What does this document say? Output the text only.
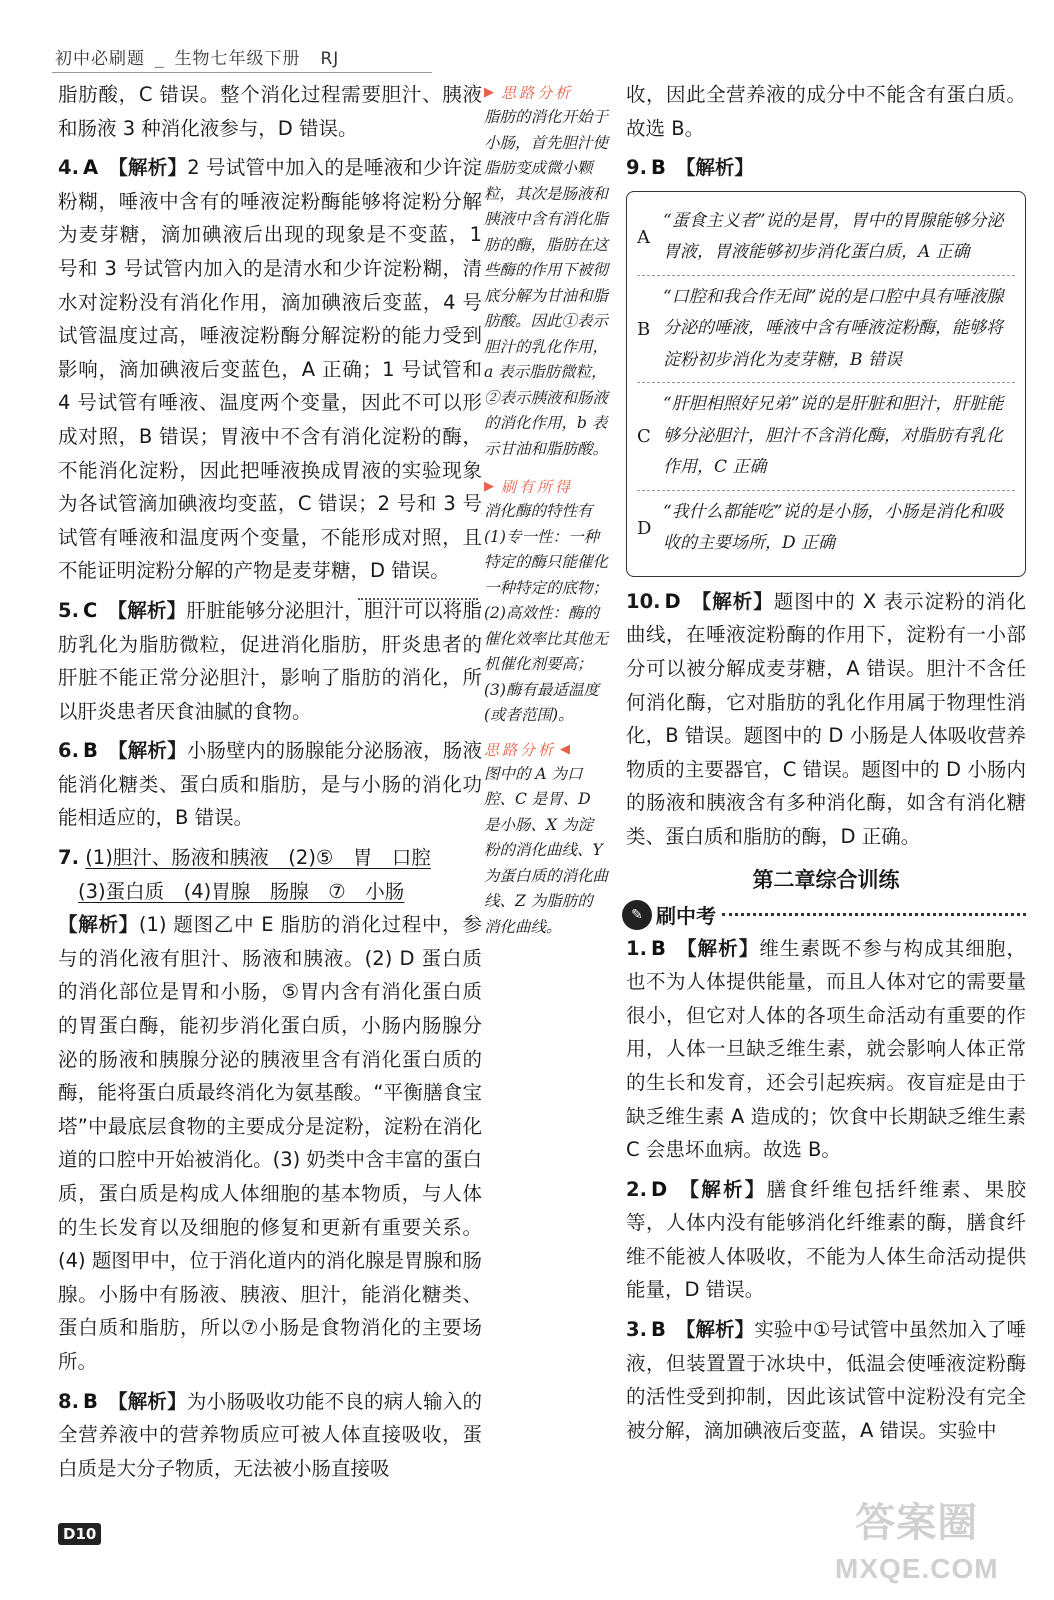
初中必刷题 _ 生物七年级下册 RJ

脂肪酸，C 错误。整个消化过程需要胆汁、胰液和肠液 3 种消化液参与，D 错误。

4. A 【解析】2 号试管中加入的是唾液和少许淀粉糊，唾液中含有的唾液淀粉酶能够将淀粉分解为麦芽糖，滴加碘液后出现的现象是不变蓝，1 号和 3 号试管内加入的是清水和少许淀粉糊，清水对淀粉没有消化作用，滴加碘液后变蓝，4 号试管温度过高，唾液淀粉酶分解淀粉的能力受到影响，滴加碘液后变蓝色，A 正确；1 号试管和 4 号试管有唾液、温度两个变量，因此不可以形成对照，B 错误；胃液中不含有消化淀粉的酶，不能消化淀粉，因此把唾液换成胃液的实验现象为各试管滴加碘液均变蓝，C 错误；2 号和 3 号试管有唾液和温度两个变量，不能形成对照，且不能证明淀粉分解的产物是麦芽糖，D 错误。

5. C 【解析】肝脏能够分泌胆汁，胆汁可以将脂肪乳化为脂肪微粒，促进消化脂肪，肝炎患者的肝脏不能正常分泌胆汁，影响了脂肪的消化，所以肝炎患者厌食油腻的食物。

6. B 【解析】小肠壁内的肠腺能分泌肠液，肠液能消化糖类、蛋白质和脂肪，是与小肠的消化功能相适应的，B 错误。

7. (1)胆汁、肠液和胰液　(2)⑤　胃　口腔
(3)蛋白质　(4)胃腺　肠腺　⑦　小肠

【解析】(1) 题图乙中 E 脂肪的消化过程中，参与的消化液有胆汁、肠液和胰液。(2) D 蛋白质的消化部位是胃和小肠，⑤胃内含有消化蛋白质的胃蛋白酶，能初步消化蛋白质，小肠内肠腺分泌的肠液和胰腺分泌的胰液里含有消化蛋白质的酶，能将蛋白质最终消化为氨基酸。“平衡膳食宝塔”中最底层食物的主要成分是淀粉，淀粉在消化道的口腔中开始被消化。(3) 奶类中含丰富的蛋白质，蛋白质是构成人体细胞的基本物质，与人体的生长发育以及细胞的修复和更新有重要关系。(4) 题图甲中，位于消化道内的消化腺是胃腺和肠腺。小肠中有肠液、胰液、胆汁，能消化糖类、蛋白质和脂肪，所以⑦小肠是食物消化的主要场所。

8. B 【解析】为小肠吸收功能不良的病人输入的全营养液中的营养物质应可被人体直接吸收，蛋白质是大分子物质，无法被小肠直接吸

▶ 思路分析

脂肪的消化开始于小肠，首先胆汁使脂肪变成微小颗粒，其次是肠液和胰液中含有消化脂肪的酶，脂肪在这些酶的作用下被彻底分解为甘油和脂肪酸。因此①表示胆汁的乳化作用，a 表示脂肪微粒，②表示胰液和肠液的消化作用，b 表示甘油和脂肪酸。

▶ 刷有所得

消化酶的特性有(1)专一性：一种特定的酶只能催化一种特定的底物；(2)高效性：酶的催化效率比其他无机催化剂要高；(3)酶有最适温度(或者范围)。

思路分析 ◀

图中的 A 为口腔、C 是胃、D 是小肠、X 为淀粉的消化曲线、Y 为蛋白质的消化曲线、Z 为脂肪的消化曲线。

收，因此全营养液的成分中不能含有蛋白质。故选 B。

9. B 【解析】

A
“蛋食主义者”说的是胃，胃中的胃腺能够分泌胃液，胃液能够初步消化蛋白质，A 正确
B
“口腔和我合作无间”说的是口腔中具有唾液腺分泌的唾液，唾液中含有唾液淀粉酶，能够将淀粉初步消化为麦芽糖，B 错误
C
“肝胆相照好兄弟”说的是肝脏和胆汁，肝脏能够分泌胆汁，胆汁不含消化酶，对脂肪有乳化作用，C 正确
D
“我什么都能吃”说的是小肠，小肠是消化和吸收的主要场所，D 正确

10. D 【解析】题图中的 X 表示淀粉的消化曲线，在唾液淀粉酶的作用下，淀粉有一小部分可以被分解成麦芽糖，A 错误。胆汁不含任何消化酶，它对脂肪的乳化作用属于物理性消化，B 错误。题图中的 D 小肠是人体吸收营养物质的主要器官，C 错误。题图中的 D 小肠内的肠液和胰液含有多种消化酶，如含有消化糖类、蛋白质和脂肪的酶，D 正确。

第二章综合训练
✎ 刷中考

1. B 【解析】维生素既不参与构成其细胞，也不为人体提供能量，而且人体对它的需要量很小，但它对人体的各项生命活动有重要的作用，人体一旦缺乏维生素，就会影响人体正常的生长和发育，还会引起疾病。夜盲症是由于缺乏维生素 A 造成的；饮食中长期缺乏维生素 C 会患坏血病。故选 B。

2. D 【解析】膳食纤维包括纤维素、果胶等，人体内没有能够消化纤维素的酶，膳食纤维不能被人体吸收，不能为人体生命活动提供能量，D 错误。

3. B 【解析】实验中①号试管中虽然加入了唾液，但装置置于冰块中，低温会使唾液淀粉酶的活性受到抑制，因此该试管中淀粉没有完全被分解，滴加碘液后变蓝，A 错误。实验中

D10	答案圈
MXQE.COM
